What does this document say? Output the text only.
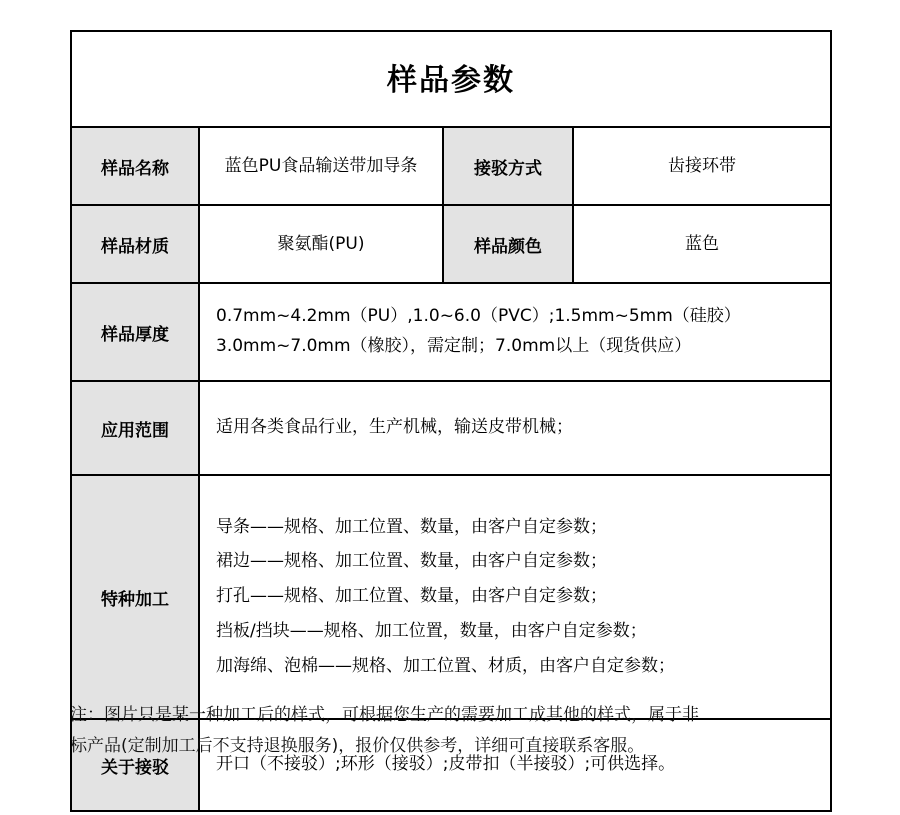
样品参数			
样品名称	蓝色PU食品输送带加导条	接驳方式	齿接环带
样品材质	聚氨酯(PU)	样品颜色	蓝色
样品厚度	0.7mm~4.2mm（PU）,1.0~6.0（PVC）;1.5mm~5mm（硅胶）
3.0mm~7.0mm（橡胶），需定制；7.0mm以上（现货供应）		

应用范围	适用各类食品行业，生产机械，输送皮带机械；		
特种加工	导条——规格、加工位置、数量，由客户自定参数；
裙边——规格、加工位置、数量，由客户自定参数；
打孔——规格、加工位置、数量，由客户自定参数；
挡板/挡块——规格、加工位置，数量，由客户自定参数；
加海绵、泡棉——规格、加工位置、材质，由客户自定参数；		

关于接驳	开口（不接驳）;环形（接驳）;皮带扣（半接驳）;可供选择。		
注：图片只是某一种加工后的样式，可根据您生产的需要加工成其他的样式，属于非
标产品(定制加工后不支持退换服务)，报价仅供参考，详细可直接联系客服。
